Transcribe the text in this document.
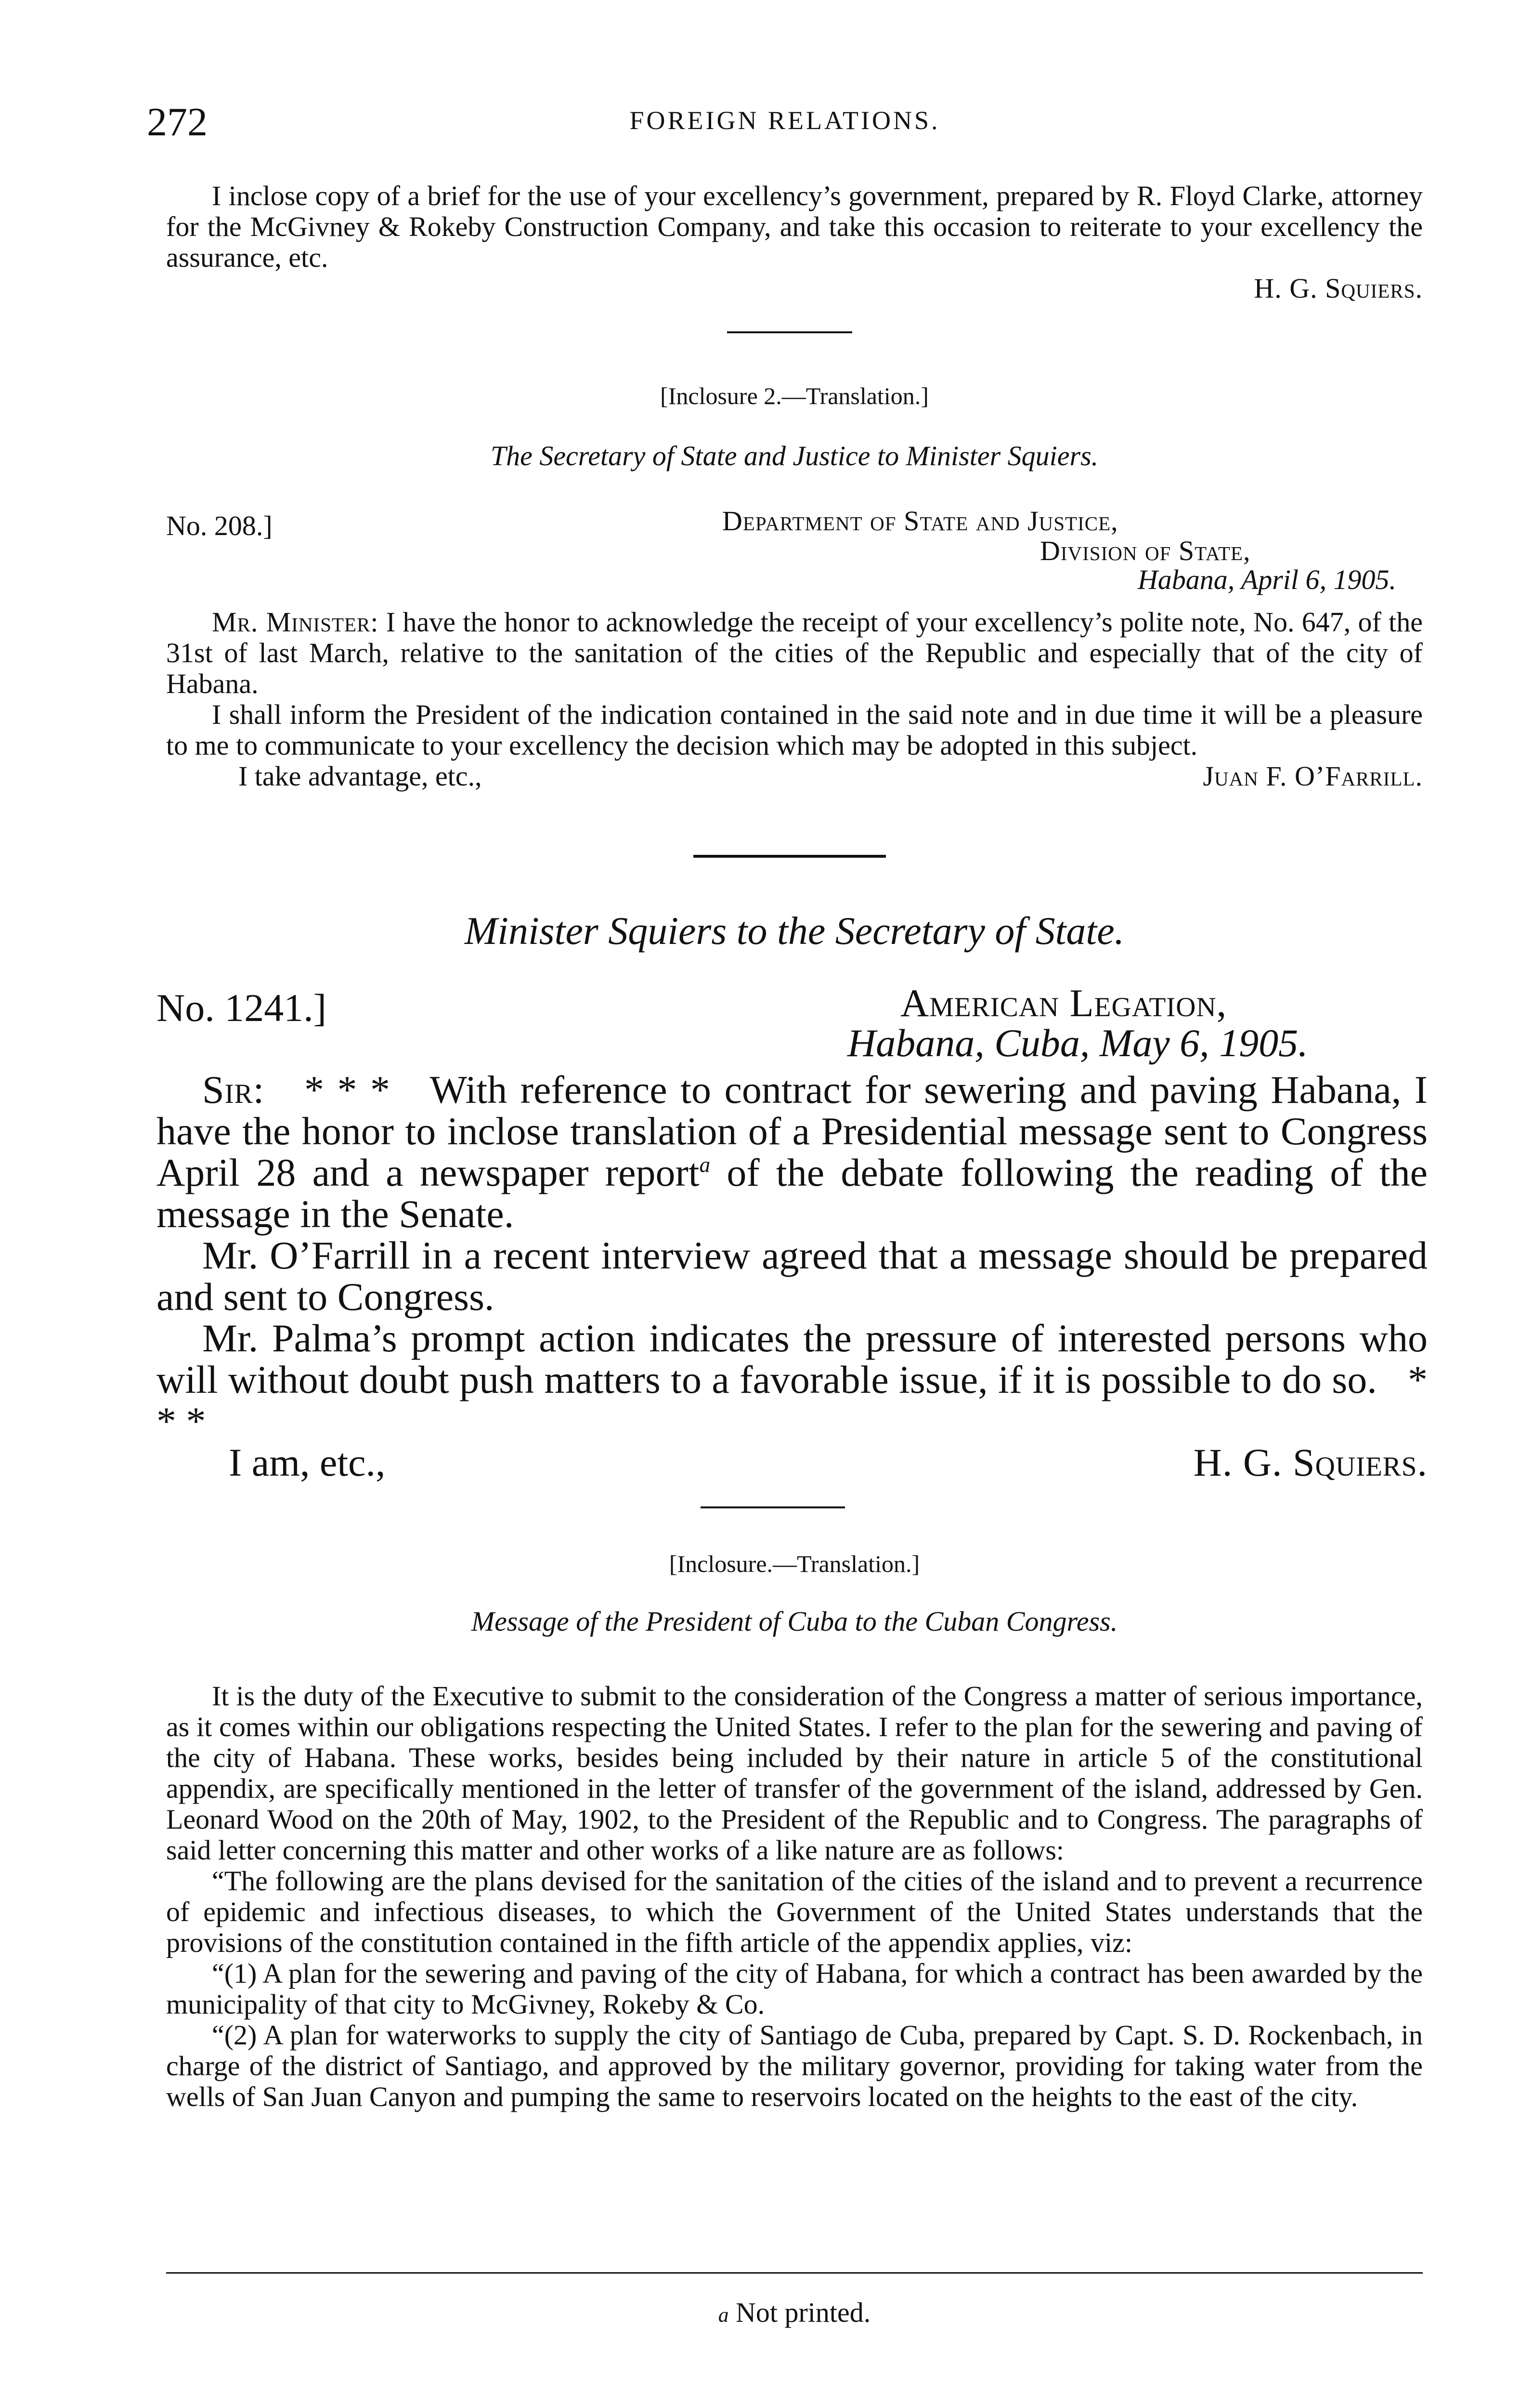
272	FOREIGN RELATIONS.

I inclose copy of a brief for the use of your excellency’s government, prepared by R. Floyd Clarke, attorney for the McGivney & Rokeby Construction Company, and take this occasion to reiterate to your excellency the assurance, etc.

H. G. Squiers.
[Inclosure 2.—Translation.]
The Secretary of State and Justice to Minister Squiers.
No. 208.]	Department of State and Justice,
Division of State,
Habana, April 6, 1905.

Mr. Minister: I have the honor to acknowledge the receipt of your excellency’s polite note, No. 647, of the 31st of last March, relative to the sanitation of the cities of the Republic and especially that of the city of Habana.

I shall inform the President of the indication contained in the said note and in due time it will be a pleasure to me to communicate to your excellency the decision which may be adopted in this subject.

I take advantage, etc.,	Juan F. O’Farrill.
Minister Squiers to the Secretary of State.
No. 1241.]	American Legation,
Habana, Cuba, May 6, 1905.

Sir: * * * With reference to contract for sewering and paving Habana, I have the honor to inclose translation of a Presidential message sent to Congress April 28 and a newspaper report$^a$ of the debate following the reading of the message in the Senate.

Mr. O’Farrill in a recent interview agreed that a message should be prepared and sent to Congress.

Mr. Palma’s prompt action indicates the pressure of interested persons who will without doubt push matters to a favorable issue, if it is possible to do so. * * *

I am, etc.,	H. G. Squiers.
[Inclosure.—Translation.]
Message of the President of Cuba to the Cuban Congress.

It is the duty of the Executive to submit to the consideration of the Congress a matter of serious importance, as it comes within our obligations respecting the United States. I refer to the plan for the sewering and paving of the city of Habana. These works, besides being included by their nature in article 5 of the constitutional appendix, are specifically mentioned in the letter of transfer of the government of the island, addressed by Gen. Leonard Wood on the 20th of May, 1902, to the President of the Republic and to Congress. The paragraphs of said letter concerning this matter and other works of a like nature are as follows:

“The following are the plans devised for the sanitation of the cities of the island and to prevent a recurrence of epidemic and infectious diseases, to which the Government of the United States understands that the provisions of the constitution contained in the fifth article of the appendix applies, viz:

“(1) A plan for the sewering and paving of the city of Habana, for which a contract has been awarded by the municipality of that city to McGivney, Rokeby & Co.

“(2) A plan for waterworks to supply the city of Santiago de Cuba, prepared by Capt. S. D. Rockenbach, in charge of the district of Santiago, and approved by the military governor, providing for taking water from the wells of San Juan Canyon and pumping the same to reservoirs located on the heights to the east of the city.

a Not printed.
